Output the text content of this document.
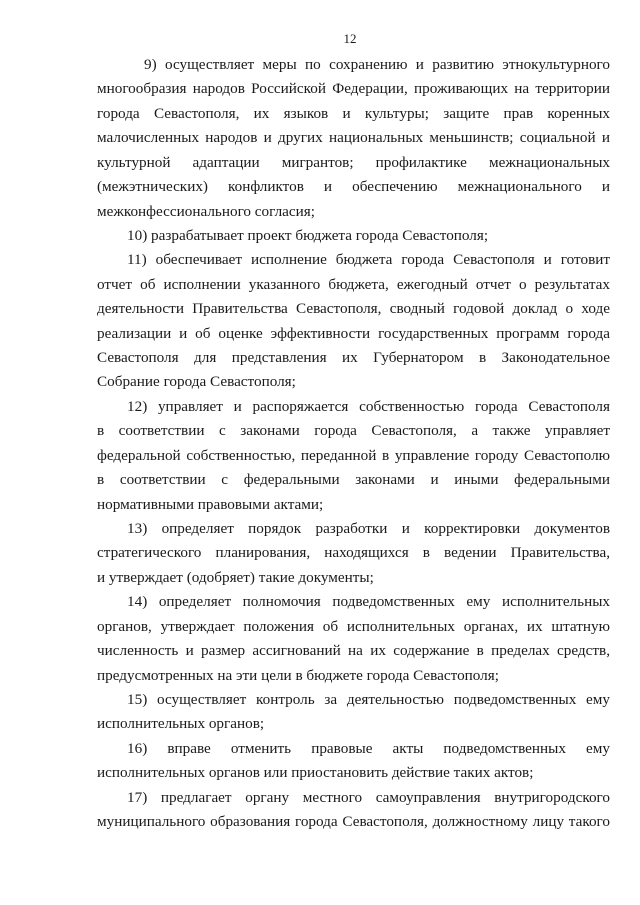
12
9) осуществляет меры по сохранению и развитию этнокультурного
многообразия народов Российской Федерации, проживающих на территории
города Севастополя, их языков и культуры; защите прав коренных
малочисленных народов и других национальных меньшинств; социальной и
культурной адаптации мигрантов; профилактике межнациональных
(межэтнических) конфликтов и обеспечению межнационального и
межконфессионального согласия;
10) разрабатывает проект бюджета города Севастополя;
11) обеспечивает исполнение бюджета города Севастополя и готовит
отчет об исполнении указанного бюджета, ежегодный отчет о результатах
деятельности Правительства Севастополя, сводный годовой доклад о ходе
реализации и об оценке эффективности государственных программ города
Севастополя для представления их Губернатором в Законодательное
Собрание города Севастополя;
12) управляет и распоряжается собственностью города Севастополя
в соответствии с законами города Севастополя, а также управляет
федеральной собственностью, переданной в управление городу Севастополю
в соответствии с федеральными законами и иными федеральными
нормативными правовыми актами;
13) определяет порядок разработки и корректировки документов
стратегического планирования, находящихся в ведении Правительства,
и утверждает (одобряет) такие документы;
14) определяет полномочия подведомственных ему исполнительных
органов, утверждает положения об исполнительных органах, их штатную
численность и размер ассигнований на их содержание в пределах средств,
предусмотренных на эти цели в бюджете города Севастополя;
15) осуществляет контроль за деятельностью подведомственных ему
исполнительных органов;
16) вправе отменить правовые акты подведомственных ему
исполнительных органов или приостановить действие таких актов;
17) предлагает органу местного самоуправления внутригородского
муниципального образования города Севастополя, должностному лицу такого
